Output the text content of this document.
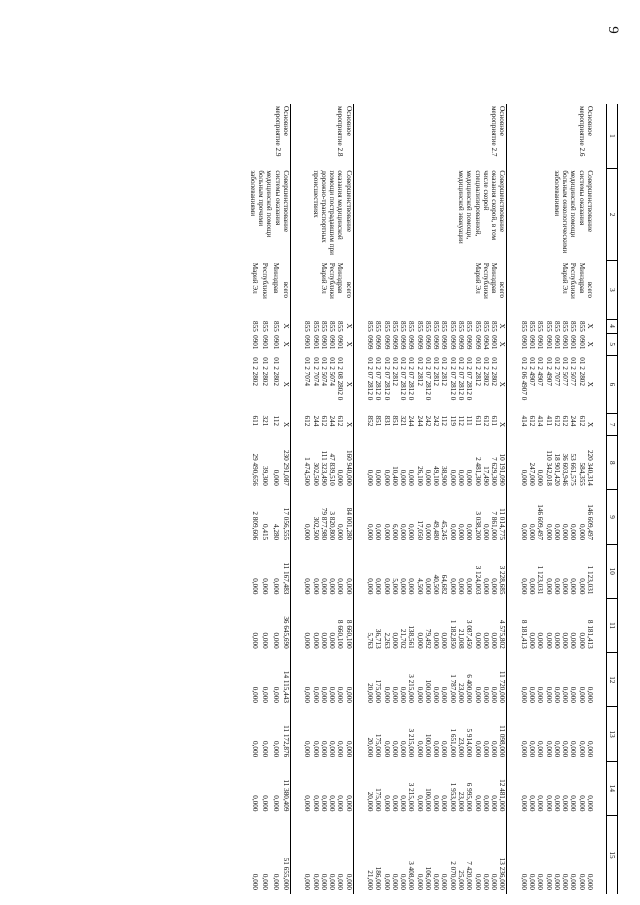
9
1	2	3	4	5	6	7	8	9	10	11	12	13	14	15

Основное мероприятие 2.6	Совершенствование системы оказания медицинской помощи больным онкологическими заболеваниями	всего	X	X	X	X	220 340,314	146 609,497	1 123,031	8 181,413	0,000	0,000	0,000	0,000
		Минздрав	855	0901	01 2 2802	612	584,355	0,000	0,000	0,000	0,000	0,000	0,000	0,000
		Республики	855	0901	01 2 5077	244	53 661,575	0,000	0,000	0,000	0,000	0,000	0,000	0,000
		Марий Эл	855	0901	01 2 5077	612	36 603,946	0,000	0,000	0,000	0,000	0,000	0,000	0,000
			855	0901	01 2 7077	612	18 901,420	0,000	0,000	0,000	0,000	0,000	0,000	0,000
			855	0901	01 2 4907	411	110 342,018	0,000	0,000	0,000	0,000	0,000	0,000	0,000
			855	0901	01 2 4907	414	0,000	146 609,497	1 123,031	0,000	0,000	0,000	0,000	0,000
			855	0901	01 2 4907	612	247,000	0,000	0,000	0,000	0,000	0,000	0,000	0,000
			855	0901	01 2 06 4907 0	414	0,000	0,000	0,000	8 181,413	0,000	0,000	0,000	0,000

Основное мероприятие 2.7	Совершенствование оказания скорой, в том числе скорой специализированной, медицинской помощи, медицинской эвакуации	всего	X	X	X	X	10 191,090	11 014,775	3 228,685	4 575,802	11 720,000	11 098,000	12 481,000	13 236,000
		Минздрав	855	0901	01 2 2802	611	7 629,300	7 861,000	0,000	0,000	0,000	0,000	0,000	0,000
		Республики	855	0904	01 2 2802	612	17,490	0,000	0,000	0,000	0,000	0,000	0,000	0,000
		Марий Эл	855	0909	01 2 2812	611	2 481,300	3 038,200	3 124,003	0,000	0,000	0,000	0,000	0,000
			855	0909	01 2 07 2812 0	111	0,000	0,000	0,000	3 087,450	6 400,000	5 914,000	6 995,000	7 420,000
			855	0909	01 2 07 2812 0	112	0,000	0,000	0,000	21,008	23,000	23,000	23,000	25,000
			855	0909	01 2 07 2812 0	119	0,000	0,000	0,000	1 182,850	1 787,000	1 651,000	1 953,000	2 070,000
			855	0909	01 2 2812	112	38,900	45,245	64,682	0,000	0,000	0,000	0,000	0,000
			855	0909	01 2 2812	242	49,100	49,480	40,500	0,000	0,000	0,000	0,000	0,000
			855	0909	01 2 07 2812 0	242	0,000	0,000	0,000	79,492	100,000	100,000	100,000	106,000
			855	0909	01 2 2812	244	26,100	17,050	4,500	0,000	0,000	0,000	0,000	0,000
			855	0909	01 2 07 2812 0	244	0,000	0,000	0,000	138,561	3 215,000	3 215,000	3 215,000	3 408,000
			855	0909	01 2 07 2812 0	321	0,000	0,000	0,000	21,702	0,000	0,000	0,000	0,000
			855	0909	01 2 2812	851	10,400	6,000	5,000	0,000	0,000	0,000	0,000	0,000
			855	0909	01 2 07 2812 0	831	0,000	0,000	0,000	2,263	0,000	0,000	0,000	0,000
			855	0909	01 2 07 2812 0	851	0,000	0,000	0,000	36,713	175,000	175,000	175,000	186,000
			855	0909	01 2 07 2812 0	852	0,000	0,000	0,000	5,763	20,000	20,000	20,000	21,000

Основное мероприятие 2.8	Совершенствование оказания медицинской помощи пострадавшим при дорожно-транспортных происшествиях	всего	X	X	X	X	160 940,000	84 001,280	0,000	8 660,100	0,000	0,000	0,000	0,000
		Минздрав	855	0901	01 2 08 2802 0	612	0,000	0,000	0,000	8 660,100	0,000	0,000	0,000	0,000
		Республики	855	0901	01 2 5074	244	47 839,510	3 820,800	0,000	0,000	0,000	0,000	0,000	0,000
		Марий Эл	855	0901	01 2 5074	612	111 323,490	79 877,980	0,000	0,000	0,000	0,000	0,000	0,000
			855	0901	01 2 7074	244	302,500	302,500	0,000	0,000	0,000	0,000	0,000	0,000
			855	0901	01 2 7074	612	1 474,500	0,000	0,000	0,000	0,000	0,000	0,000	0,000

Основное мероприятие 2.9	Совершенствование системы оказания медицинской помощи больным прочими заболеваниями	всего	X	X	X	X	230 291,087	17 056,555	11 167,483	36 645,690	14 115,443	11 172,876	11 380,409	51 655,000
		Минздрав	855	0901	01 2 2802	112	0,000	4,280	0,000	0,000	0,000	0,000	0,000	0,000
		Республики	855	0901	01 2 2802	321	39,300	0,415	0,000	0,000	0,000	0,000	0,000	0,000
		Марий Эл	855	0901	01 2 2802	611	29 490,656	2 809,606	0,000	0,000	0,000	0,000	0,000	0,000
